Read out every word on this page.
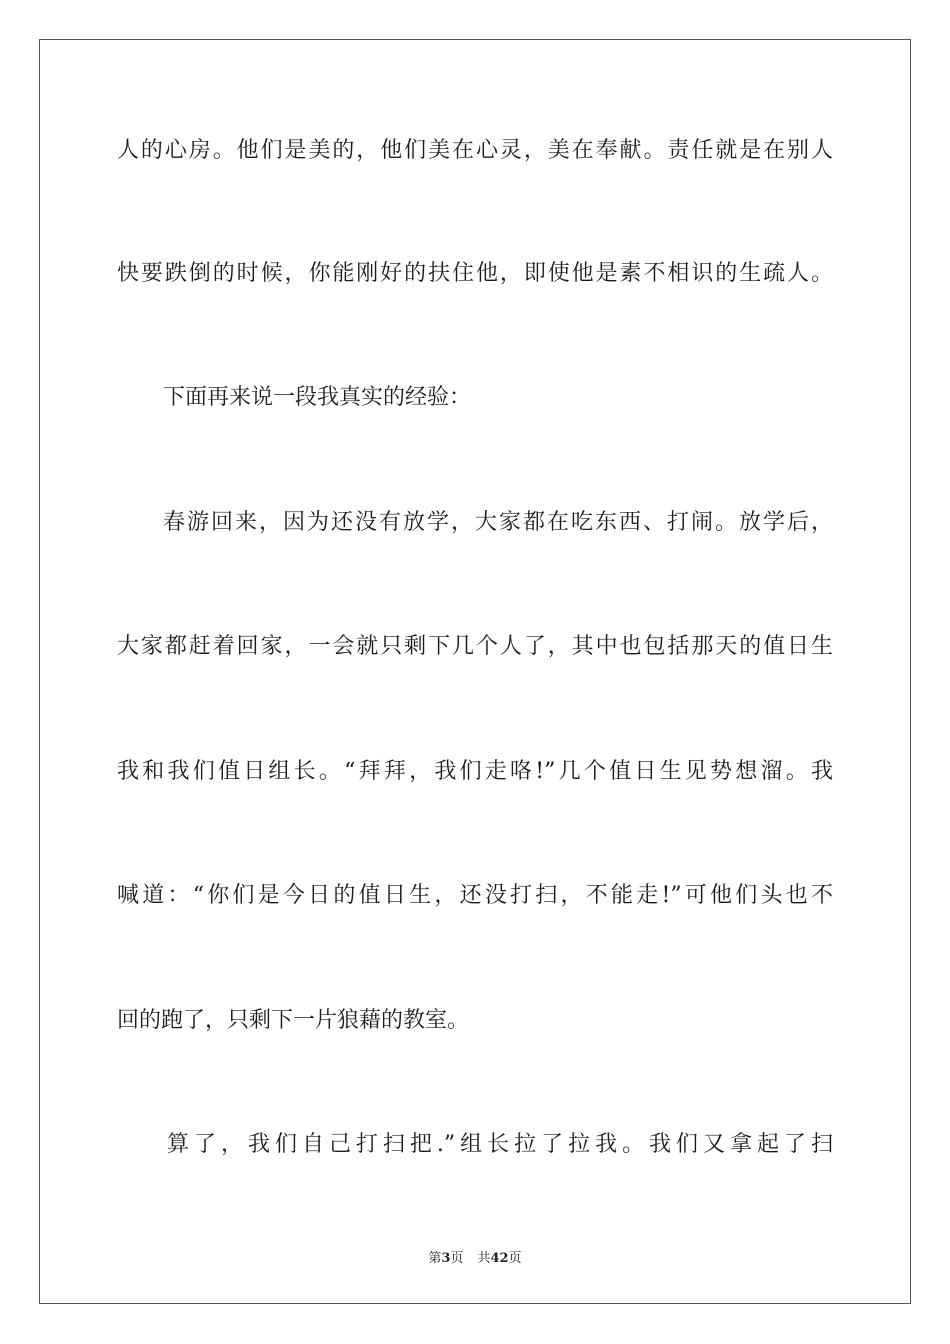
人的心房。他们是美的，他们美在心灵，美在奉献。责任就是在别人
快要跌倒的时候，你能刚好的扶住他，即使他是素不相识的生疏人。
下面再来说一段我真实的经验：
春游回来，因为还没有放学，大家都在吃东西、打闹。放学后，
大家都赶着回家，一会就只剩下几个人了，其中也包括那天的值日生
我和我们值日组长。“拜拜，我们走咯!”几个值日生见势想溜。我
喊道：“你们是今日的值日生，还没打扫，不能走!”可他们头也不
回的跑了，只剩下一片狼藉的教室。
算了，我们自己打扫把.”组长拉了拉我。我们又拿起了扫
第3页 共42页
